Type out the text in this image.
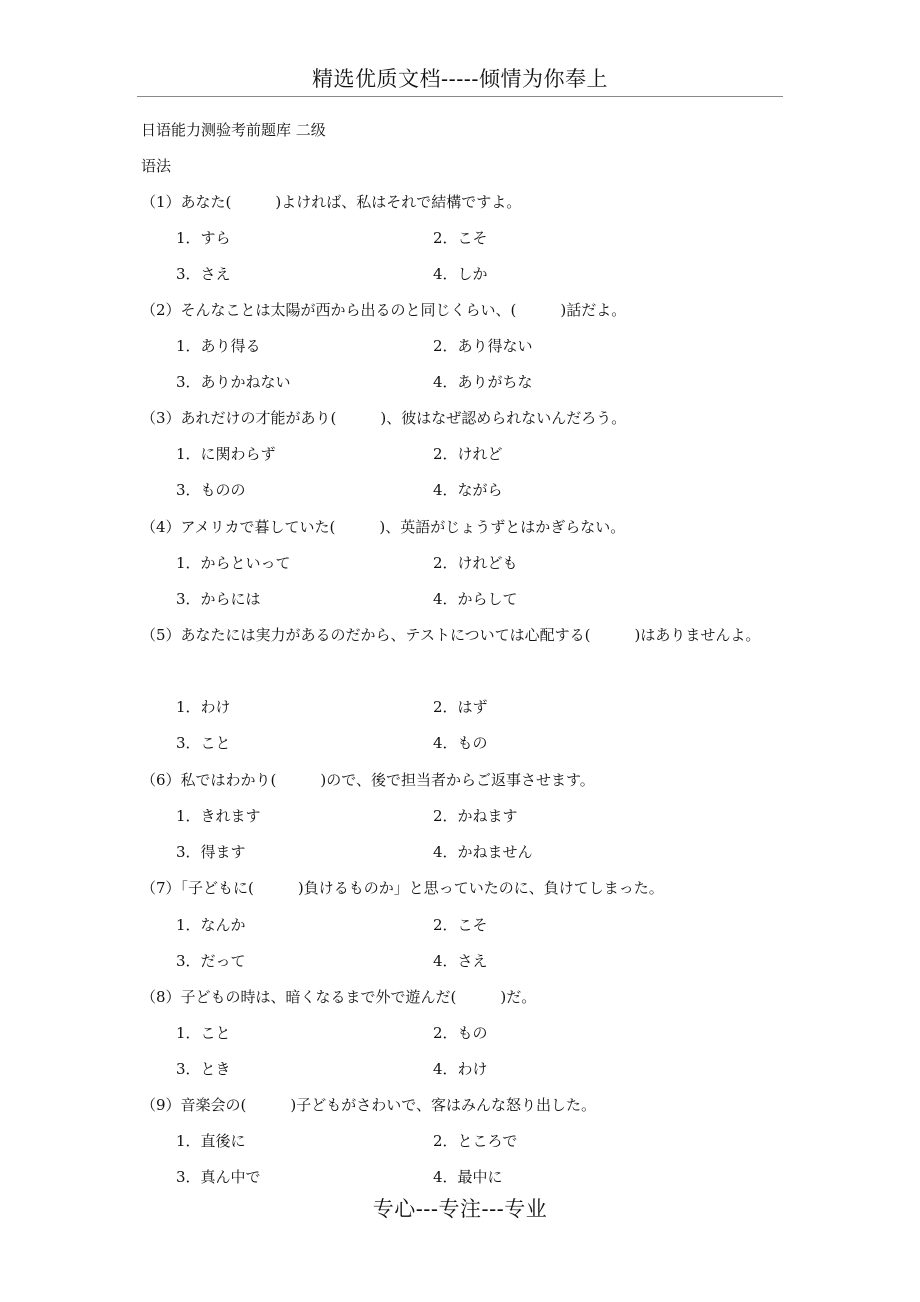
精选优质文档-----倾情为你奉上
日语能力测验考前题库 二级
语法
（1）あなた(	)よければ、私はそれで結構ですよ。
1．すら	2．こそ
3．さえ	4．しか
（2）そんなことは太陽が西から出るのと同じくらい、(	)話だよ。
1．あり得る	2．あり得ない
3．ありかねない	4．ありがちな
（3）あれだけの才能があり(	)、彼はなぜ認められないんだろう。
1．に関わらず	2．けれど
3．ものの	4．ながら
（4）アメリカで暮していた(	)、英語がじょうずとはかぎらない。
1．からといって	2．けれども
3．からには	4．からして
（5）あなたには実力があるのだから、テストについては心配する(	)はありませんよ。
1．わけ	2．はず
3．こと	4．もの
（6）私ではわかり(	)ので、後で担当者からご返事させます。
1．きれます	2．かねます
3．得ます	4．かねません
（7）「子どもに(	)負けるものか」と思っていたのに、負けてしまった。
1．なんか	2．こそ
3．だって	4．さえ
（8）子どもの時は、暗くなるまで外で遊んだ(	)だ。
1．こと	2．もの
3．とき	4．わけ
（9）音楽会の(	)子どもがさわいで、客はみんな怒り出した。
1．直後に	2．ところで
3．真ん中で	4．最中に
专心---专注---专业
